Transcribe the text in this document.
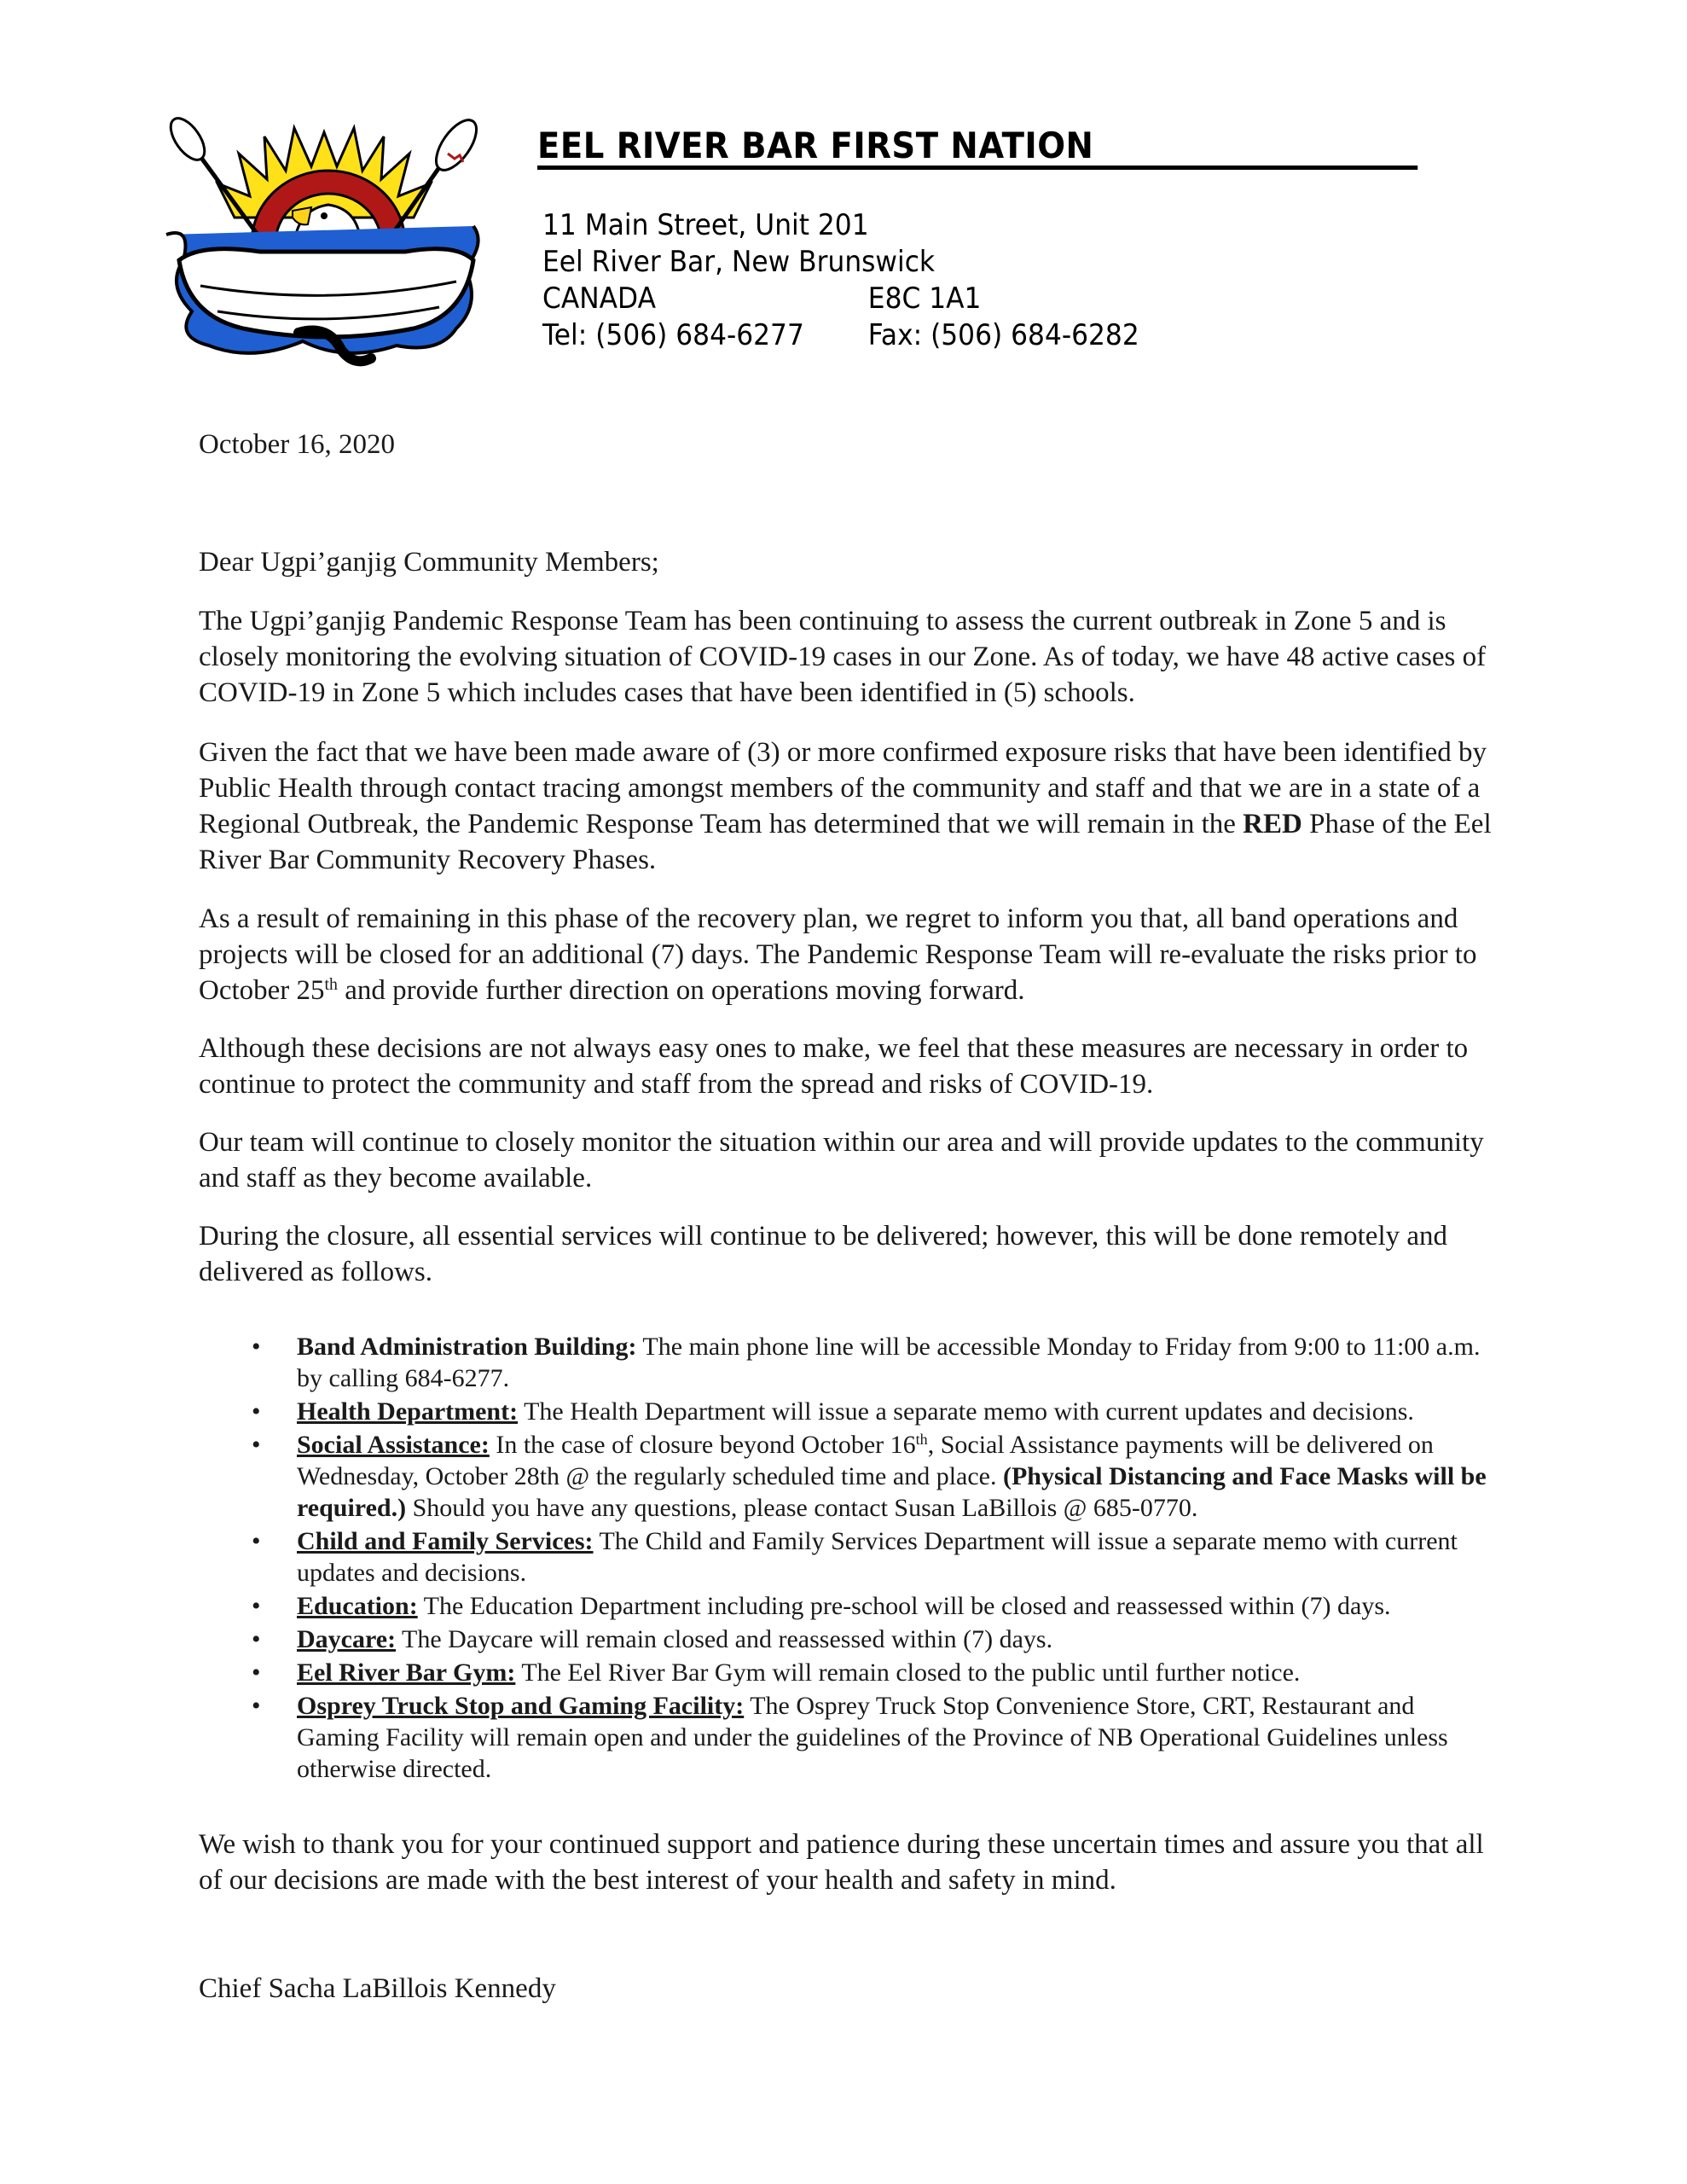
EEL RIVER BAR FIRST NATION
11 Main Street, Unit 201
Eel River Bar, New Brunswick
CANADA	E8C 1A1
Tel: (506) 684-6277 Fax: (506) 684-6282
October 16, 2020
Dear Ugpi’ganjig Community Members;

The Ugpi’ganjig Pandemic Response Team has been continuing to assess the current outbreak in Zone 5 and is closely monitoring the evolving situation of COVID-19 cases in our Zone. As of today, we have 48 active cases of COVID-19 in Zone 5 which includes cases that have been identified in (5) schools.

Given the fact that we have been made aware of (3) or more confirmed exposure risks that have been identified by Public Health through contact tracing amongst members of the community and staff and that we are in a state of a Regional Outbreak, the Pandemic Response Team has determined that we will remain in the RED Phase of the Eel River Bar Community Recovery Phases.

As a result of remaining in this phase of the recovery plan, we regret to inform you that, all band operations and projects will be closed for an additional (7) days. The Pandemic Response Team will re-evaluate the risks prior to October 25th and provide further direction on operations moving forward.

Although these decisions are not always easy ones to make, we feel that these measures are necessary in order to continue to protect the community and staff from the spread and risks of COVID-19.

Our team will continue to closely monitor the situation within our area and will provide updates to the community and staff as they become available.

During the closure, all essential services will continue to be delivered; however, this will be done remotely and delivered as follows.

• Band Administration Building: The main phone line will be accessible Monday to Friday from 9:00 to 11:00 a.m. by calling 684-6277.
• Health Department: The Health Department will issue a separate memo with current updates and decisions.
• Social Assistance: In the case of closure beyond October 16th, Social Assistance payments will be delivered on Wednesday, October 28th @ the regularly scheduled time and place. (Physical Distancing and Face Masks will be required.) Should you have any questions, please contact Susan LaBillois @ 685-0770.
• Child and Family Services: The Child and Family Services Department will issue a separate memo with current updates and decisions.
• Education: The Education Department including pre-school will be closed and reassessed within (7) days.
• Daycare: The Daycare will remain closed and reassessed within (7) days.
• Eel River Bar Gym: The Eel River Bar Gym will remain closed to the public until further notice.
• Osprey Truck Stop and Gaming Facility: The Osprey Truck Stop Convenience Store, CRT, Restaurant and Gaming Facility will remain open and under the guidelines of the Province of NB Operational Guidelines unless otherwise directed.

We wish to thank you for your continued support and patience during these uncertain times and assure you that all of our decisions are made with the best interest of your health and safety in mind.

Chief Sacha LaBillois Kennedy
